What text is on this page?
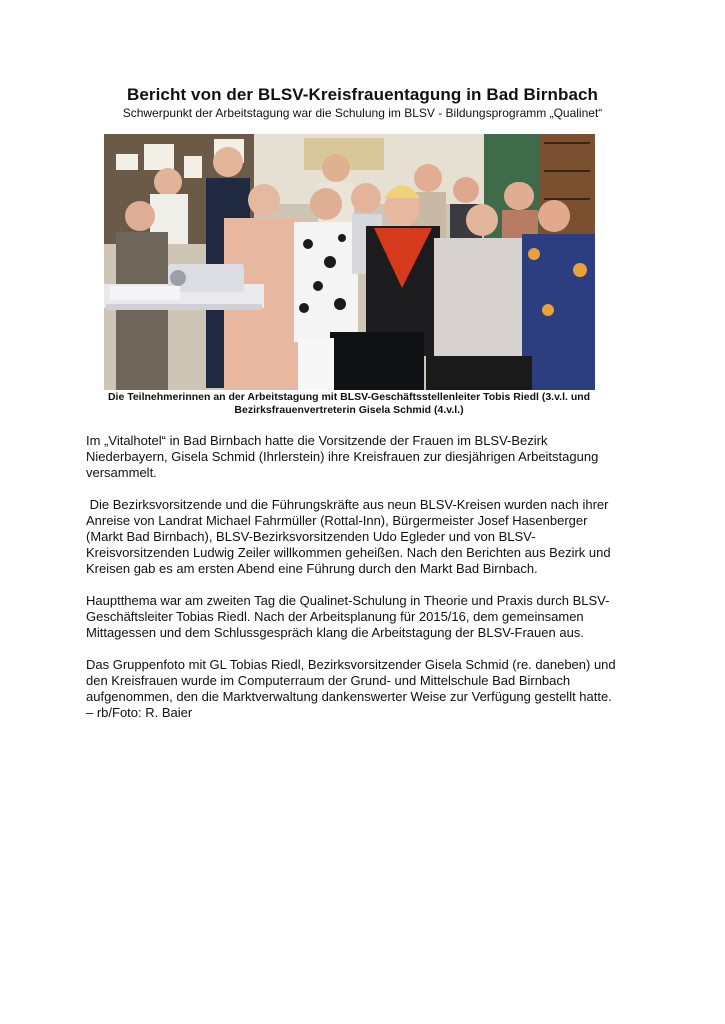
Bericht von der BLSV-Kreisfrauentagung in Bad Birnbach
Schwerpunkt der Arbeitstagung war die Schulung im BLSV - Bildungsprogramm „Qualinet“
Die Teilnehmerinnen an der Arbeitstagung mit BLSV-Geschäftsstellenleiter Tobis Riedl (3.v.l. und
Bezirksfrauenvertreterin Gisela Schmid (4.v.l.)

Im „Vitalhotel“ in Bad Birnbach hatte die Vorsitzende der Frauen im BLSV-Bezirk Niederbayern, Gisela Schmid (Ihrlerstein) ihre Kreisfrauen zur diesjährigen Arbeitstagung versammelt.

Die Bezirksvorsitzende und die Führungskräfte aus neun BLSV-Kreisen wurden nach ihrer Anreise von Landrat Michael Fahrmüller (Rottal-Inn), Bürgermeister Josef Hasenberger (Markt Bad Birnbach), BLSV-Bezirksvorsitzenden Udo Egleder und von BLSV-Kreisvorsitzenden Ludwig Zeiler willkommen geheißen. Nach den Berichten aus Bezirk und Kreisen gab es am ersten Abend eine Führung durch den Markt Bad Birnbach.

Hauptthema war am zweiten Tag die Qualinet-Schulung in Theorie und Praxis durch BLSV-Geschäftsleiter Tobias Riedl. Nach der Arbeitsplanung für 2015/16, dem gemeinsamen Mittagessen und dem Schlussgespräch klang die Arbeitstagung der BLSV-Frauen aus.

Das Gruppenfoto mit GL Tobias Riedl, Bezirksvorsitzender Gisela Schmid (re. daneben) und den Kreisfrauen wurde im Computerraum der Grund- und Mittelschule Bad Birnbach aufgenommen, den die Marktverwaltung dankenswerter Weise zur Verfügung gestellt hatte.

– rb/Foto: R. Baier
